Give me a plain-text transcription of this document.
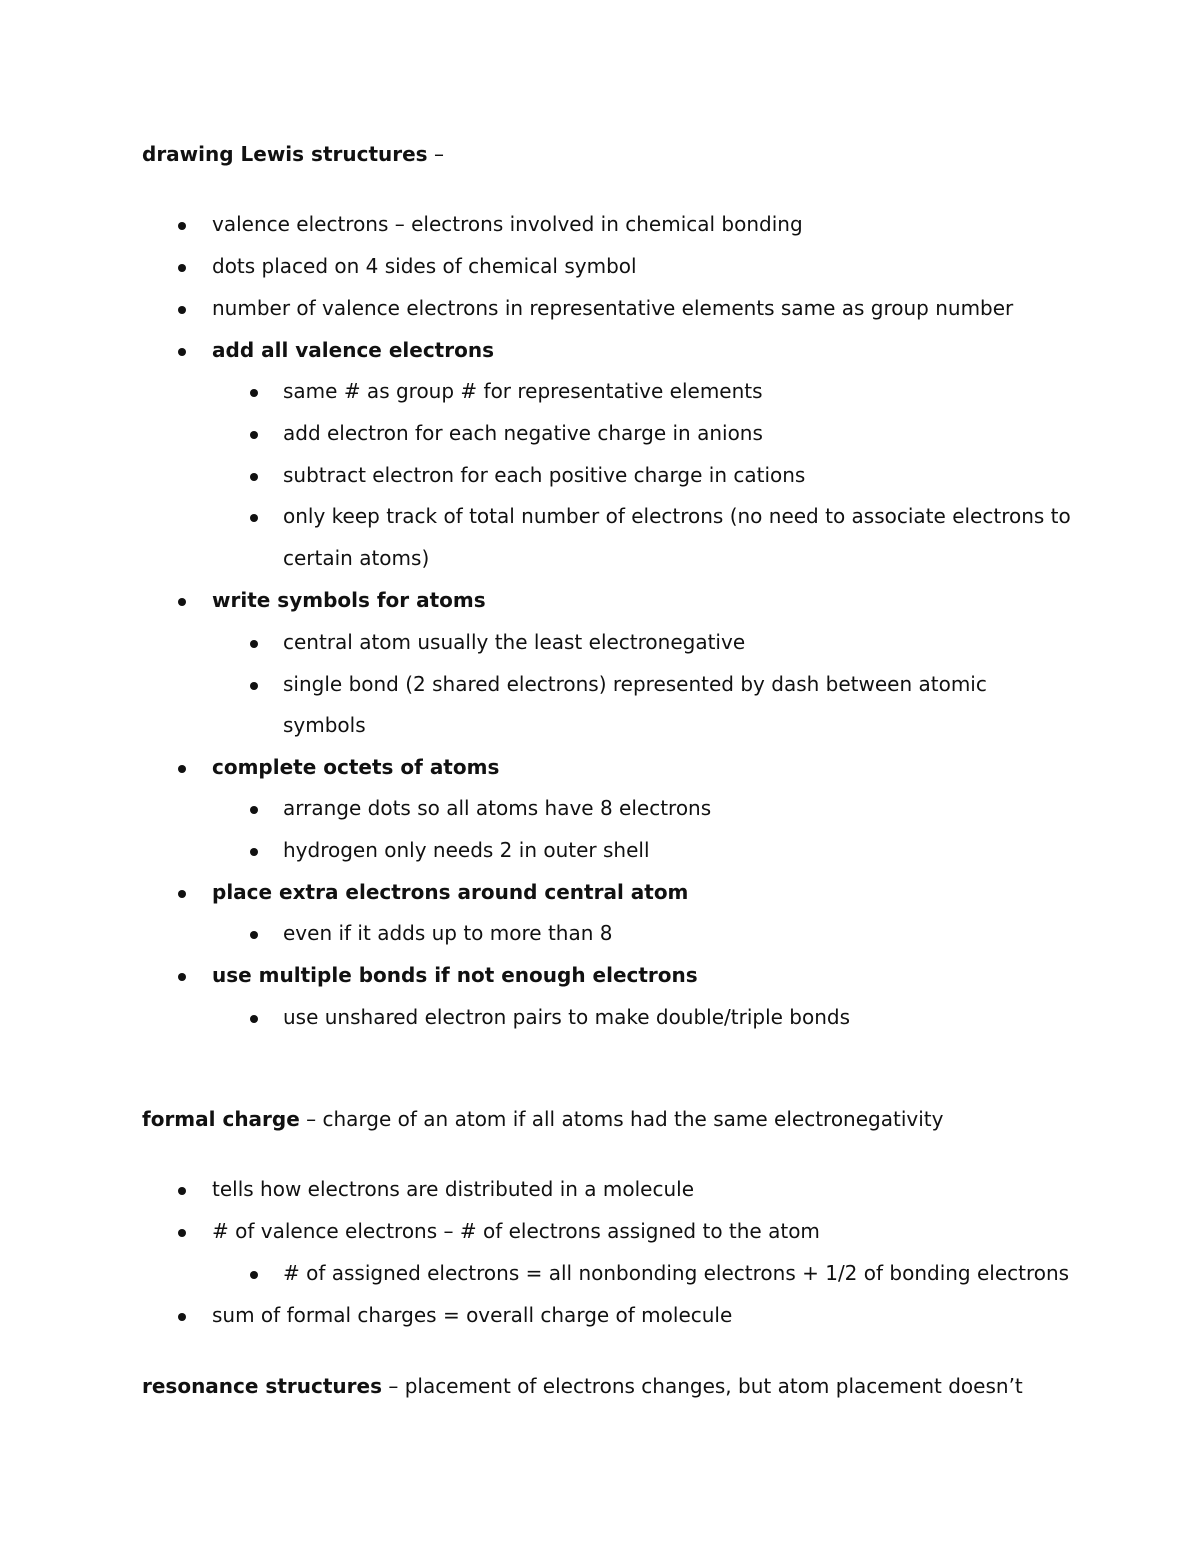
drawing Lewis structures –
valence electrons – electrons involved in chemical bonding
dots placed on 4 sides of chemical symbol
number of valence electrons in representative elements same as group number
add all valence electrons
same # as group # for representative elements
add electron for each negative charge in anions
subtract electron for each positive charge in cations
only keep track of total number of electrons (no need to associate electrons to
certain atoms)
write symbols for atoms
central atom usually the least electronegative
single bond (2 shared electrons) represented by dash between atomic
symbols
complete octets of atoms
arrange dots so all atoms have 8 electrons
hydrogen only needs 2 in outer shell
place extra electrons around central atom
even if it adds up to more than 8
use multiple bonds if not enough electrons
use unshared electron pairs to make double/triple bonds
formal charge – charge of an atom if all atoms had the same electronegativity
tells how electrons are distributed in a molecule
# of valence electrons – # of electrons assigned to the atom
# of assigned electrons = all nonbonding electrons + 1/2 of bonding electrons
sum of formal charges = overall charge of molecule
resonance structures – placement of electrons changes, but atom placement doesn’t
